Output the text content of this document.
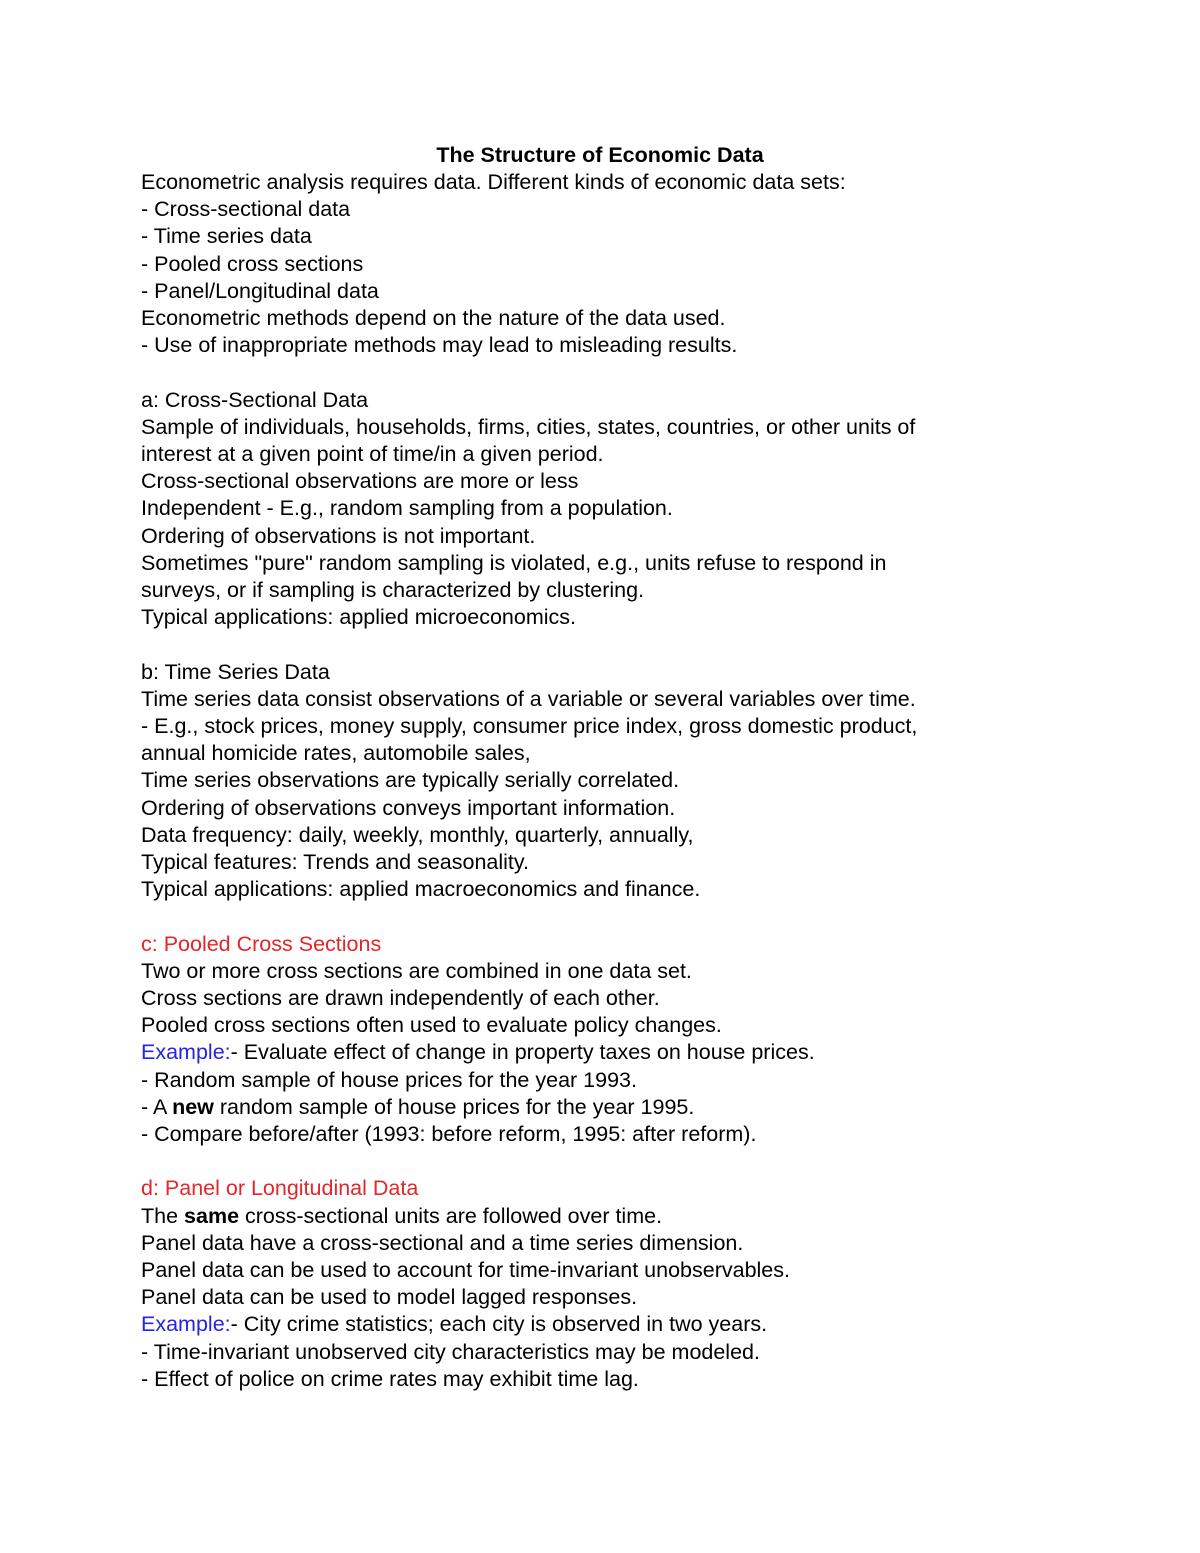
The Structure of Economic Data
Econometric analysis requires data. Different kinds of economic data sets:
- Cross-sectional data
- Time series data
- Pooled cross sections
- Panel/Longitudinal data
Econometric methods depend on the nature of the data used.
- Use of inappropriate methods may lead to misleading results.
a: Cross-Sectional Data
Sample of individuals, households, firms, cities, states, countries, or other units of
interest at a given point of time/in a given period.
Cross-sectional observations are more or less
Independent - E.g., random sampling from a population.
Ordering of observations is not important.
Sometimes "pure" random sampling is violated, e.g., units refuse to respond in
surveys, or if sampling is characterized by clustering.
Typical applications: applied microeconomics.
b: Time Series Data
Time series data consist observations of a variable or several variables over time.
- E.g., stock prices, money supply, consumer price index, gross domestic product,
annual homicide rates, automobile sales,
Time series observations are typically serially correlated.
Ordering of observations conveys important information.
Data frequency: daily, weekly, monthly, quarterly, annually,
Typical features: Trends and seasonality.
Typical applications: applied macroeconomics and finance.
c: Pooled Cross Sections
Two or more cross sections are combined in one data set.
Cross sections are drawn independently of each other.
Pooled cross sections often used to evaluate policy changes.
Example:- Evaluate effect of change in property taxes on house prices.
- Random sample of house prices for the year 1993.
- A new random sample of house prices for the year 1995.
- Compare before/after (1993: before reform, 1995: after reform).
d: Panel or Longitudinal Data
The same cross-sectional units are followed over time.
Panel data have a cross-sectional and a time series dimension.
Panel data can be used to account for time-invariant unobservables.
Panel data can be used to model lagged responses.
Example:- City crime statistics; each city is observed in two years.
- Time-invariant unobserved city characteristics may be modeled.
- Effect of police on crime rates may exhibit time lag.
